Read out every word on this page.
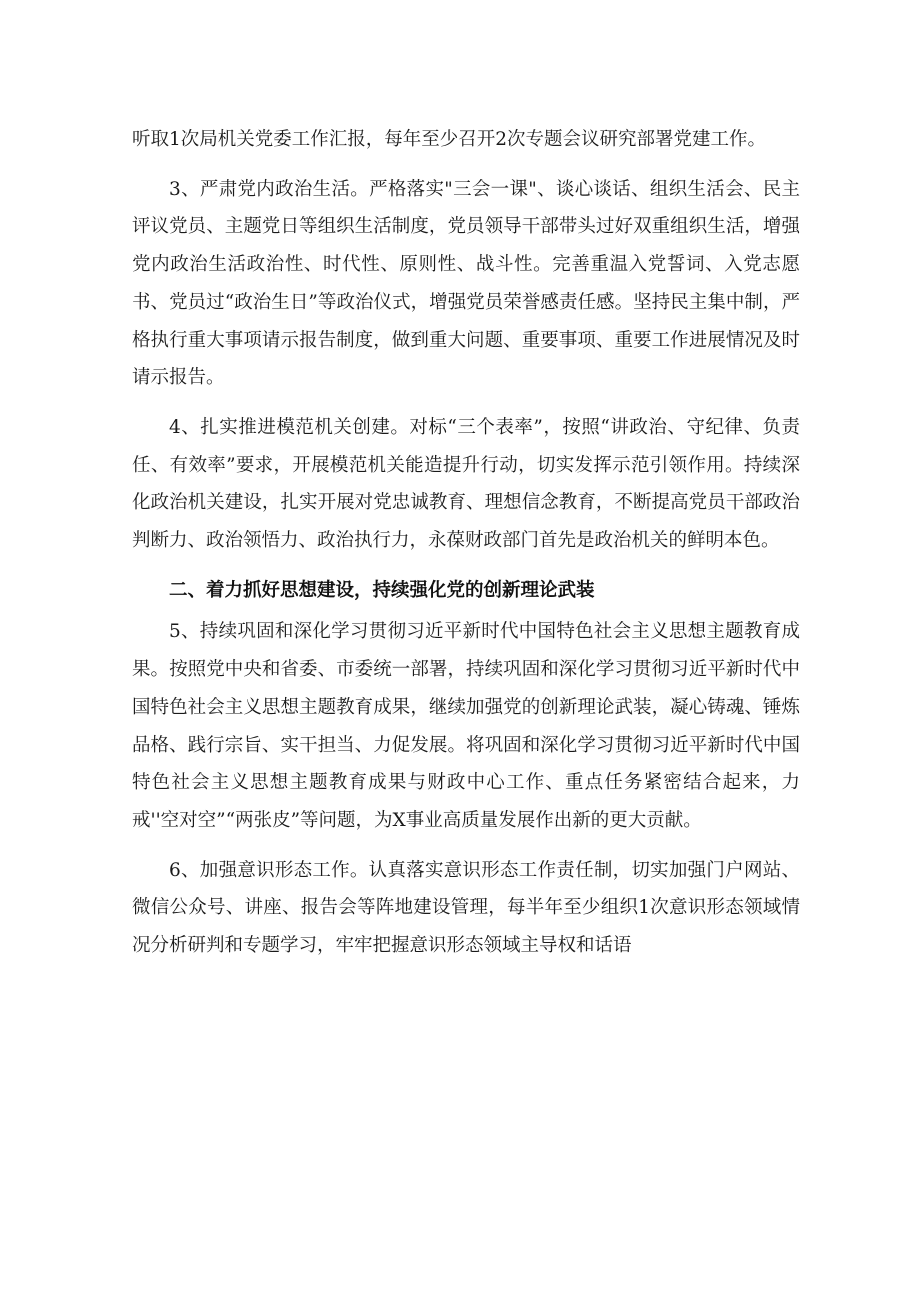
听取1次局机关党委工作汇报，每年至少召开2次专题会议研究部署党建工作。

3、严肃党内政治生活。严格落实"三会一课"、谈心谈话、组织生活会、民主评议党员、主题党日等组织生活制度，党员领导干部带头过好双重组织生活，增强党内政治生活政治性、时代性、原则性、战斗性。完善重温入党誓词、入党志愿书、党员过“政治生日”等政治仪式，增强党员荣誉感责任感。坚持民主集中制，严格执行重大事项请示报告制度，做到重大问题、重要事项、重要工作进展情况及时请示报告。

4、扎实推进模范机关创建。对标“三个表率”，按照“讲政治、守纪律、负责任、有效率”要求，开展模范机关能造提升行动，切实发挥示范引领作用。持续深化政治机关建设，扎实开展对党忠诚教育、理想信念教育，不断提高党员干部政治判断力、政治领悟力、政治执行力，永葆财政部门首先是政治机关的鲜明本色。

二、着力抓好思想建设，持续强化党的创新理论武装

5、持续巩固和深化学习贯彻习近平新时代中国特色社会主义思想主题教育成果。按照党中央和省委、市委统一部署，持续巩固和深化学习贯彻习近平新时代中国特色社会主义思想主题教育成果，继续加强党的创新理论武装，凝心铸魂、锤炼品格、践行宗旨、实干担当、力促发展。将巩固和深化学习贯彻习近平新时代中国特色社会主义思想主题教育成果与财政中心工作、重点任务紧密结合起来，力戒''空对空”“两张皮”等问题，为X事业高质量发展作出新的更大贡献。

6、加强意识形态工作。认真落实意识形态工作责任制，切实加强门户网站、微信公众号、讲座、报告会等阵地建设管理，每半年至少组织1次意识形态领域情况分析研判和专题学习，牢牢把握意识形态领域主导权和话语
